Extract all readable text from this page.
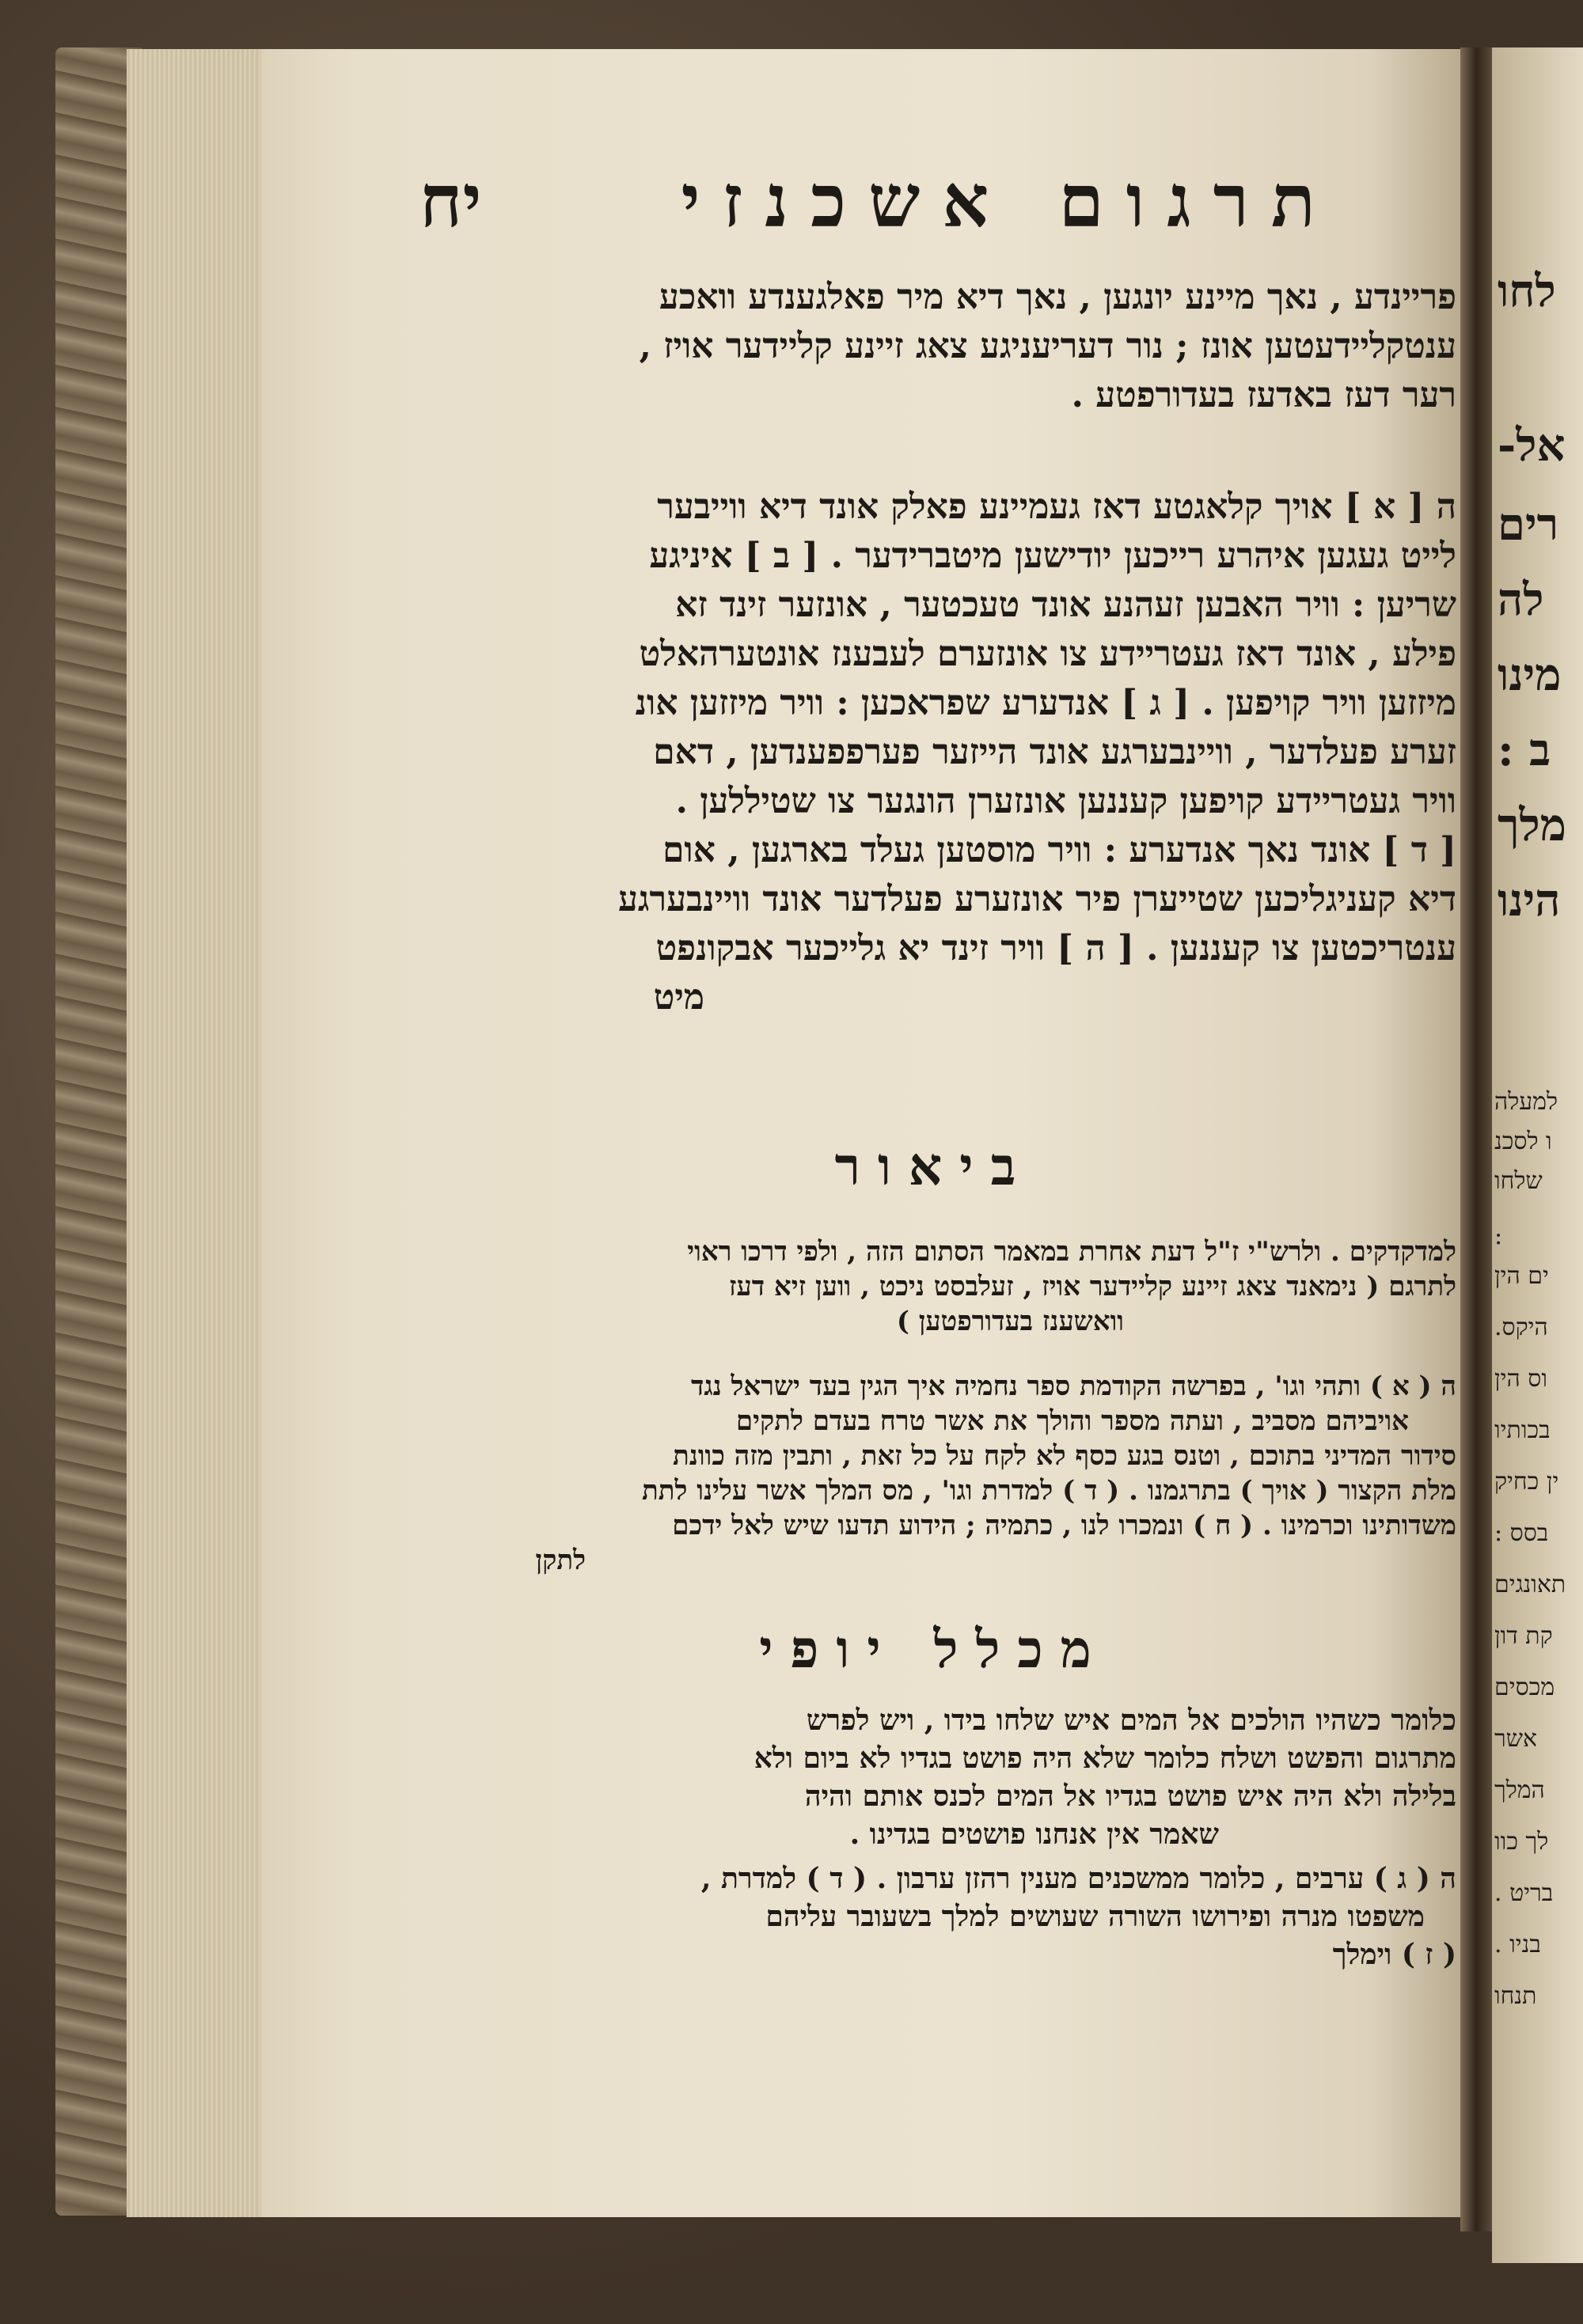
תרגום אשכנזי
יח
פריינדע , נאך מיינע יונגען , נאך דיא מיר פאלגענדע וואכע
ענטקליידעטען אונז ; נור דעריעניגע צאג זיינע קליידער אויז ,
רער דעז באדעז בעדורפטע .
ה [ א ] אויך קלאגטע דאז געמיינע פאלק אונד דיא ווייבער
לייט געגען איהרע רייכען יודישען מיטברידער . [ ב ] איניגע
שריען : וויר האבען זעהנע אונד טעכטער , אונזער זינד זא
פילע , אונד דאז געטריידע צו אונזערם לעבענז אונטערהאלט
מיזזען וויר קויפען . [ ג ] אנדערע שפראכען : וויר מיזזען אונ
זערע פעלדער , וויינבערגע אונד הייזער פערפפענדען , דאם
וויר געטריידע קויפען קעננען אונזערן הונגער צו שטיללען .
[ ד ] אונד נאך אנדערע : וויר מוסטען געלד בארגען , אום
דיא קעניגליכען שטייערן פיר אונזערע פעלדער אונד וויינבערגע
ענטריכטען צו קעננען . [ ה ] וויר זינד יא גלייכער אבקונפט
מיט
ביאור
למדקדקים . ולרש"י ז"ל דעת אחרת במאמר הסתום הזה , ולפי דרכו ראוי
לתרגם ( נימאנד צאג זיינע קליידער אויז , זעלבסט ניכט , ווען זיא דעז
וואשענז בעדורפטען )
ה ( א ) ותהי וגו' , בפרשה הקודמת ספר נחמיה איך הגין בעד ישראל נגד
אויביהם מסביב , ועתה מספר והולך את אשר טרח בעדם לתקים
סידור המדיני בתוכם , וטנס בגע כסף לא לקח על כל זאת , ותבין מזה כוונת
מלת הקצור ( אויך ) בתרגמנו . ( ד ) למדרת וגו' , מס המלך אשר עלינו לתת
משדותינו וכרמינו . ( ח ) ונמכרו לנו , כתמיה ; הידוע תדעו שיש לאל ידכם
לתקן
מכלל יופי
כלומר כשהיו הולכים אל המים איש שלחו בידו , ויש לפרש
מתרגום והפשט ושלח כלומר שלא היה פושט בגדיו לא ביום ולא
בלילה ולא היה איש פושט בגדיו אל המים לכנס אותם והיה
שאמר אין אנחנו פושטים בגדינו .
ה ( ג ) ערבים , כלומר ממשכנים מענין רהזן ערבון . ( ד ) למדרת ,
משפטו מנרה ופירושו השורה שעושים למלך בשעובר עליהם
( ז ) וימלך
לחו
אל-
רים
לה
מינו
ב :
מלך
הינו
למעלה
ו לסכנ
שלחו
:
ים הין
היקס.
וס הין
בכותיו
ין כחיק
בסס :
תאונגים
קת דון
מכסים
אשר
המלך
לך כוו
בריט .
בניו .
תנחו
